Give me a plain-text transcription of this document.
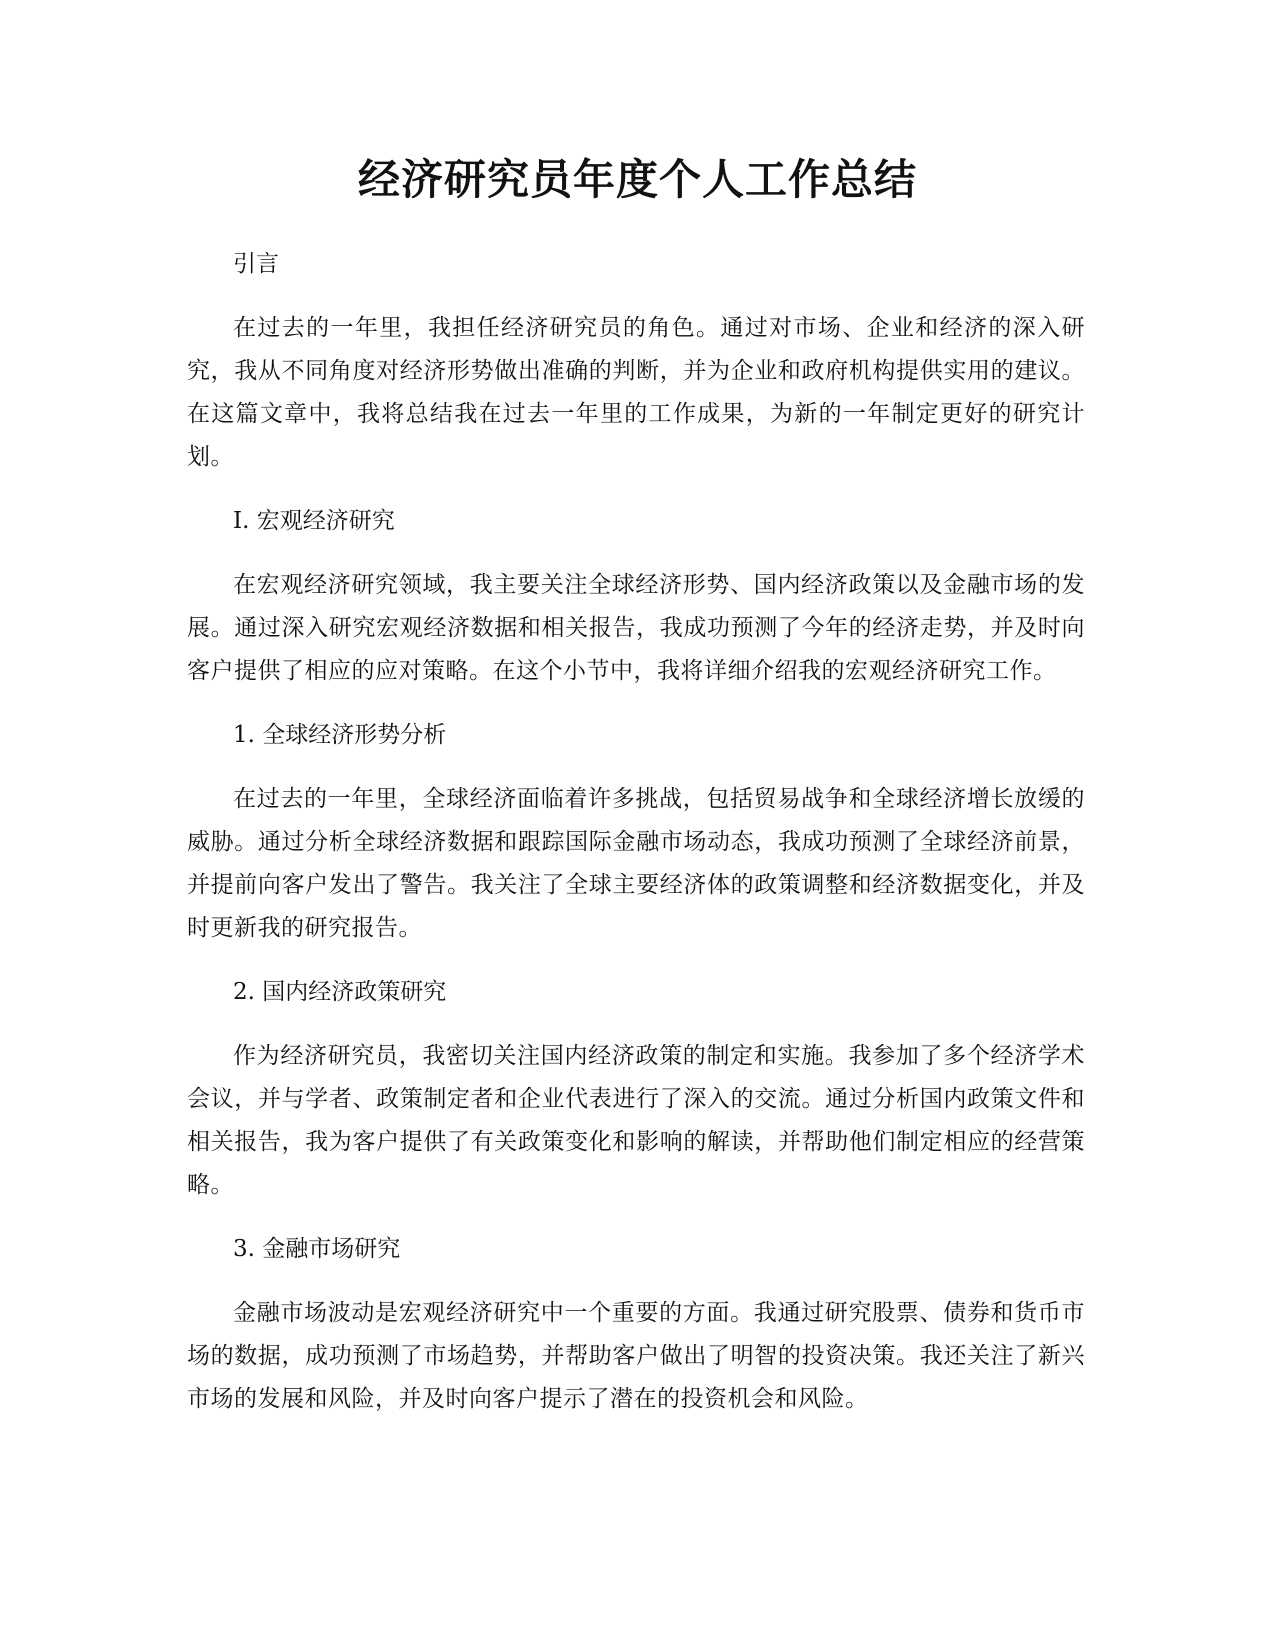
经济研究员年度个人工作总结
引言
在过去的一年里，我担任经济研究员的角色。通过对市场、企业和经济的深入研究，我从不同角度对经济形势做出准确的判断，并为企业和政府机构提供实用的建议。在这篇文章中，我将总结我在过去一年里的工作成果，为新的一年制定更好的研究计划。
I. 宏观经济研究
在宏观经济研究领域，我主要关注全球经济形势、国内经济政策以及金融市场的发展。通过深入研究宏观经济数据和相关报告，我成功预测了今年的经济走势，并及时向客户提供了相应的应对策略。在这个小节中，我将详细介绍我的宏观经济研究工作。
1. 全球经济形势分析
在过去的一年里，全球经济面临着许多挑战，包括贸易战争和全球经济增长放缓的威胁。通过分析全球经济数据和跟踪国际金融市场动态，我成功预测了全球经济前景，并提前向客户发出了警告。我关注了全球主要经济体的政策调整和经济数据变化，并及时更新我的研究报告。
2. 国内经济政策研究
作为经济研究员，我密切关注国内经济政策的制定和实施。我参加了多个经济学术会议，并与学者、政策制定者和企业代表进行了深入的交流。通过分析国内政策文件和相关报告，我为客户提供了有关政策变化和影响的解读，并帮助他们制定相应的经营策略。
3. 金融市场研究
金融市场波动是宏观经济研究中一个重要的方面。我通过研究股票、债券和货币市场的数据，成功预测了市场趋势，并帮助客户做出了明智的投资决策。我还关注了新兴市场的发展和风险，并及时向客户提示了潜在的投资机会和风险。
